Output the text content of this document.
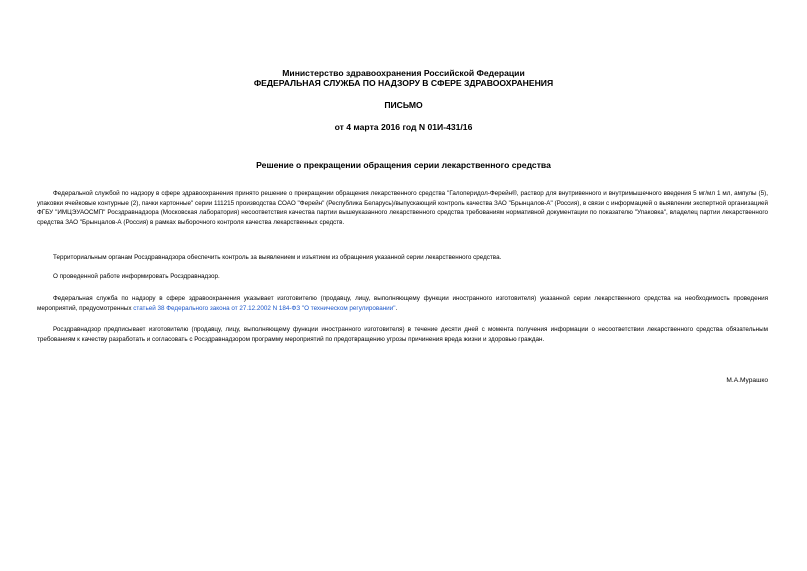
Министерство здравоохранения Российской Федерации
ФЕДЕРАЛЬНАЯ СЛУЖБА ПО НАДЗОРУ В СФЕРЕ ЗДРАВООХРАНЕНИЯ
ПИСЬМО
от 4 марта 2016 год N 01И-431/16
Решение о прекращении обращения серии лекарственного средства

Федеральной службой по надзору в сфере здравоохранения принято решение о прекращении обращения лекарственного средства "Галоперидол-Ферейн®, раствор для внутривенного и внутримышечного введения 5 мг/мл 1 мл, ампулы (5), упаковки ячейковые контурные (2), пачки картонные" серии 111215 производства СОАО "Ферейн" (Республика Беларусь)/выпускающий контроль качества ЗАО "Брынцалов-А" (Россия), в связи с информацией о выявлении экспертной организацией ФГБУ "ИМЦЭУАОСМП" Росздравнадзора (Московская лаборатория) несоответствия качества партии вышеуказанного лекарственного средства требованиям нормативной документации по показателю "Упаковка", владелец партии лекарственного средства ЗАО "Брынцалов-А (Россия) в рамках выборочного контроля качества лекарственных средств.

Территориальным органам Росздравнадзора обеспечить контроль за выявлением и изъятием из обращения указанной серии лекарственного средства.

О проведенной работе информировать Росздравнадзор.

Федеральная служба по надзору в сфере здравоохранения указывает изготовителю (продавцу, лицу, выполняющему функции иностранного изготовителя) указанной серии лекарственного средства на необходимость проведения мероприятий, предусмотренных статьей 38 Федерального закона от 27.12.2002 N 184-ФЗ "О техническом регулировании".

Росздравнадзор предписывает изготовителю (продавцу, лицу, выполняющему функции иностранного изготовителя) в течение десяти дней с момента получения информации о несоответствии лекарственного средства обязательным требованиям к качеству разработать и согласовать с Росздравнадзором программу мероприятий по предотвращению угрозы причинения вреда жизни и здоровью граждан.

М.А.Мурашко
